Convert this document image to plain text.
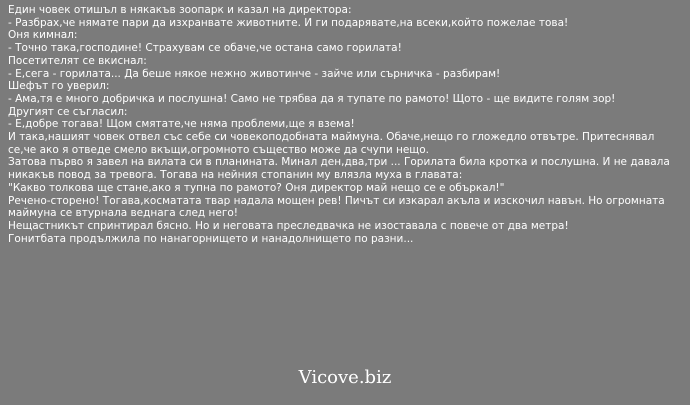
Един човек отишъл в някакъв зоопарк и казал на директора:
- Разбрах,че нямате пари да изхранвате животните. И ги подарявате,на всеки,който пожелае това!
Оня кимнал:
- Точно така,господине! Страхувам се обаче,че остана само горилата!
Посетителят се вкиснал:
- Е,сега - горилата... Да беше някое нежно животинче - зайче или сърничка - разбирам!
Шефът го уверил:
- Ама,тя е много добричка и послушна! Само не трябва да я тупате по рамото! Щото - ще видите голям зор!
Другият се съгласил:
- Е,добре тогава! Щом смятате,че няма проблеми,ще я взема!
И така,нашият човек отвел със себе си човекоподобната маймуна. Обаче,нещо го гложедло отвътре. Притеснявал се,че ако я отведе смело вкъщи,огромното същество може да счупи нещо.
Затова първо я завел на вилата си в планината. Минал ден,два,три ... Горилата била кротка и послушна. И не давала никакъв повод за тревога. Тогава на нейния стопанин му влязла муха в главата:
"Какво толкова ще стане,ако я тупна по рамото? Оня директор май нещо се е объркал!"
Речено-сторено! Тогава,косматата твар надала мощен рев! Пичът си изкарал акъла и изскочил навън. Но огромната маймуна се втурнала веднага след него!
Нещастникът спринтирал бясно. Но и неговата преследвачка не изоставала с повече от два метра!
Гонитбата продължила по нанагорнището и нанадолнището по разни...
Vicove.biz
